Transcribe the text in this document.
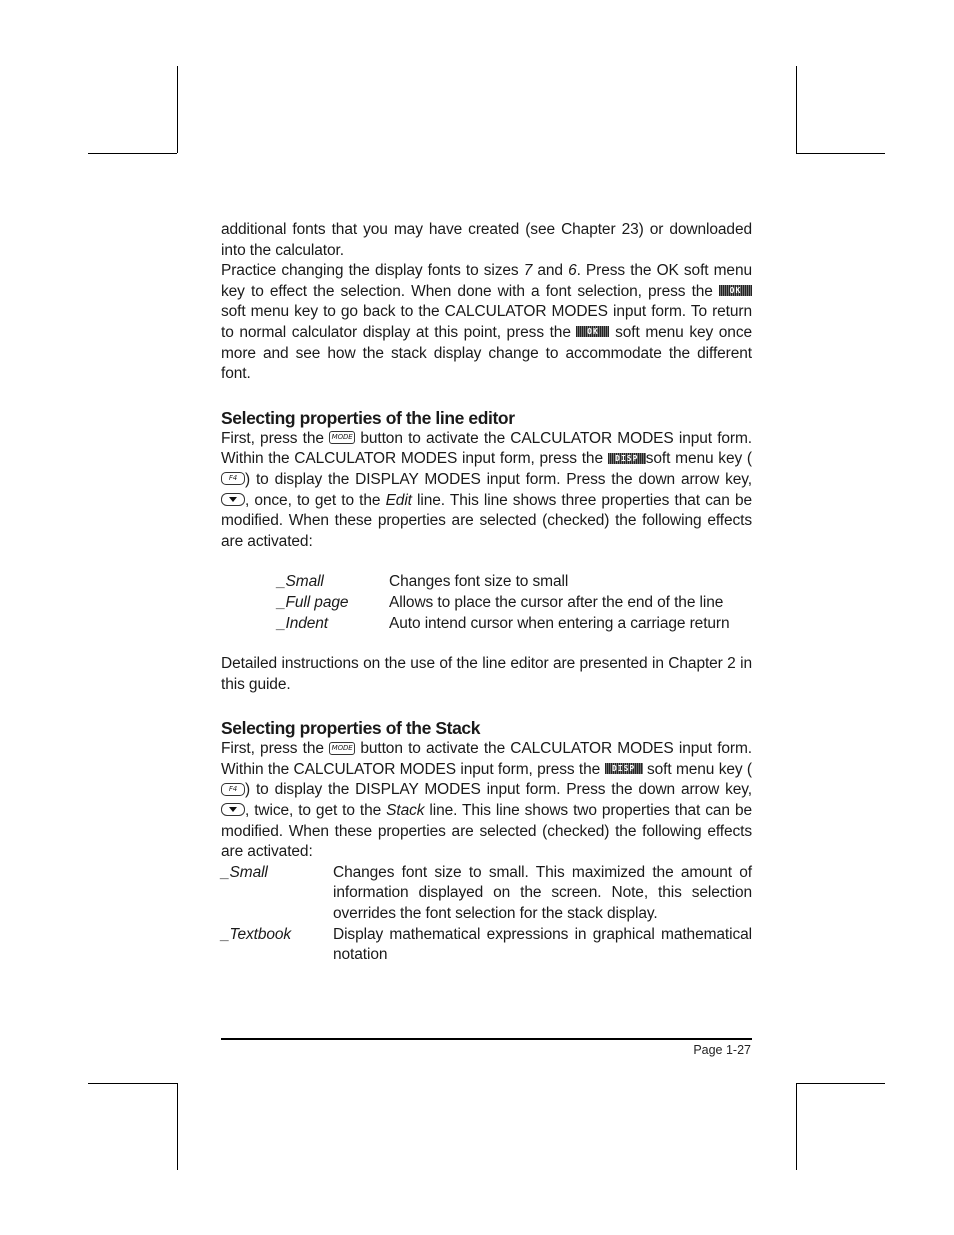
additional fonts that you may have created (see Chapter 23) or downloaded into the calculator.

Practice changing the display fonts to sizes 7 and 6. Press the OK soft menu key to effect the selection. When done with a font selection, press the OK soft menu key to go back to the CALCULATOR MODES input form. To return to normal calculator display at this point, press the OK soft menu key once more and see how the stack display change to accommodate the different font.

Selecting properties of the line editor

First, press the MODE button to activate the CALCULATOR MODES input form. Within the CALCULATOR MODES input form, press the DISP soft menu key (F4 ) to display the DISPLAY MODES input form. Press the down arrow key, , once, to get to the Edit line. This line shows three properties that can be modified. When these properties are selected (checked) the following effects are activated:

_Small	Changes font size to small
_Full page	Allows to place the cursor after the end of the line
_Indent	Auto intend cursor when entering a carriage return

Detailed instructions on the use of the line editor are presented in Chapter 2 in this guide.

Selecting properties of the Stack

First, press the MODE button to activate the CALCULATOR MODES input form. Within the CALCULATOR MODES input form, press the DISP soft menu key (F4 ) to display the DISPLAY MODES input form. Press the down arrow key, , twice, to get to the Stack line. This line shows two properties that can be modified. When these properties are selected (checked) the following effects are activated:

_Small	Changes font size to small. This maximized the amount of information displayed on the screen. Note, this selection overrides the font selection for the stack display.
_Textbook	Display mathematical expressions in graphical mathematical notation
Page 1-27
